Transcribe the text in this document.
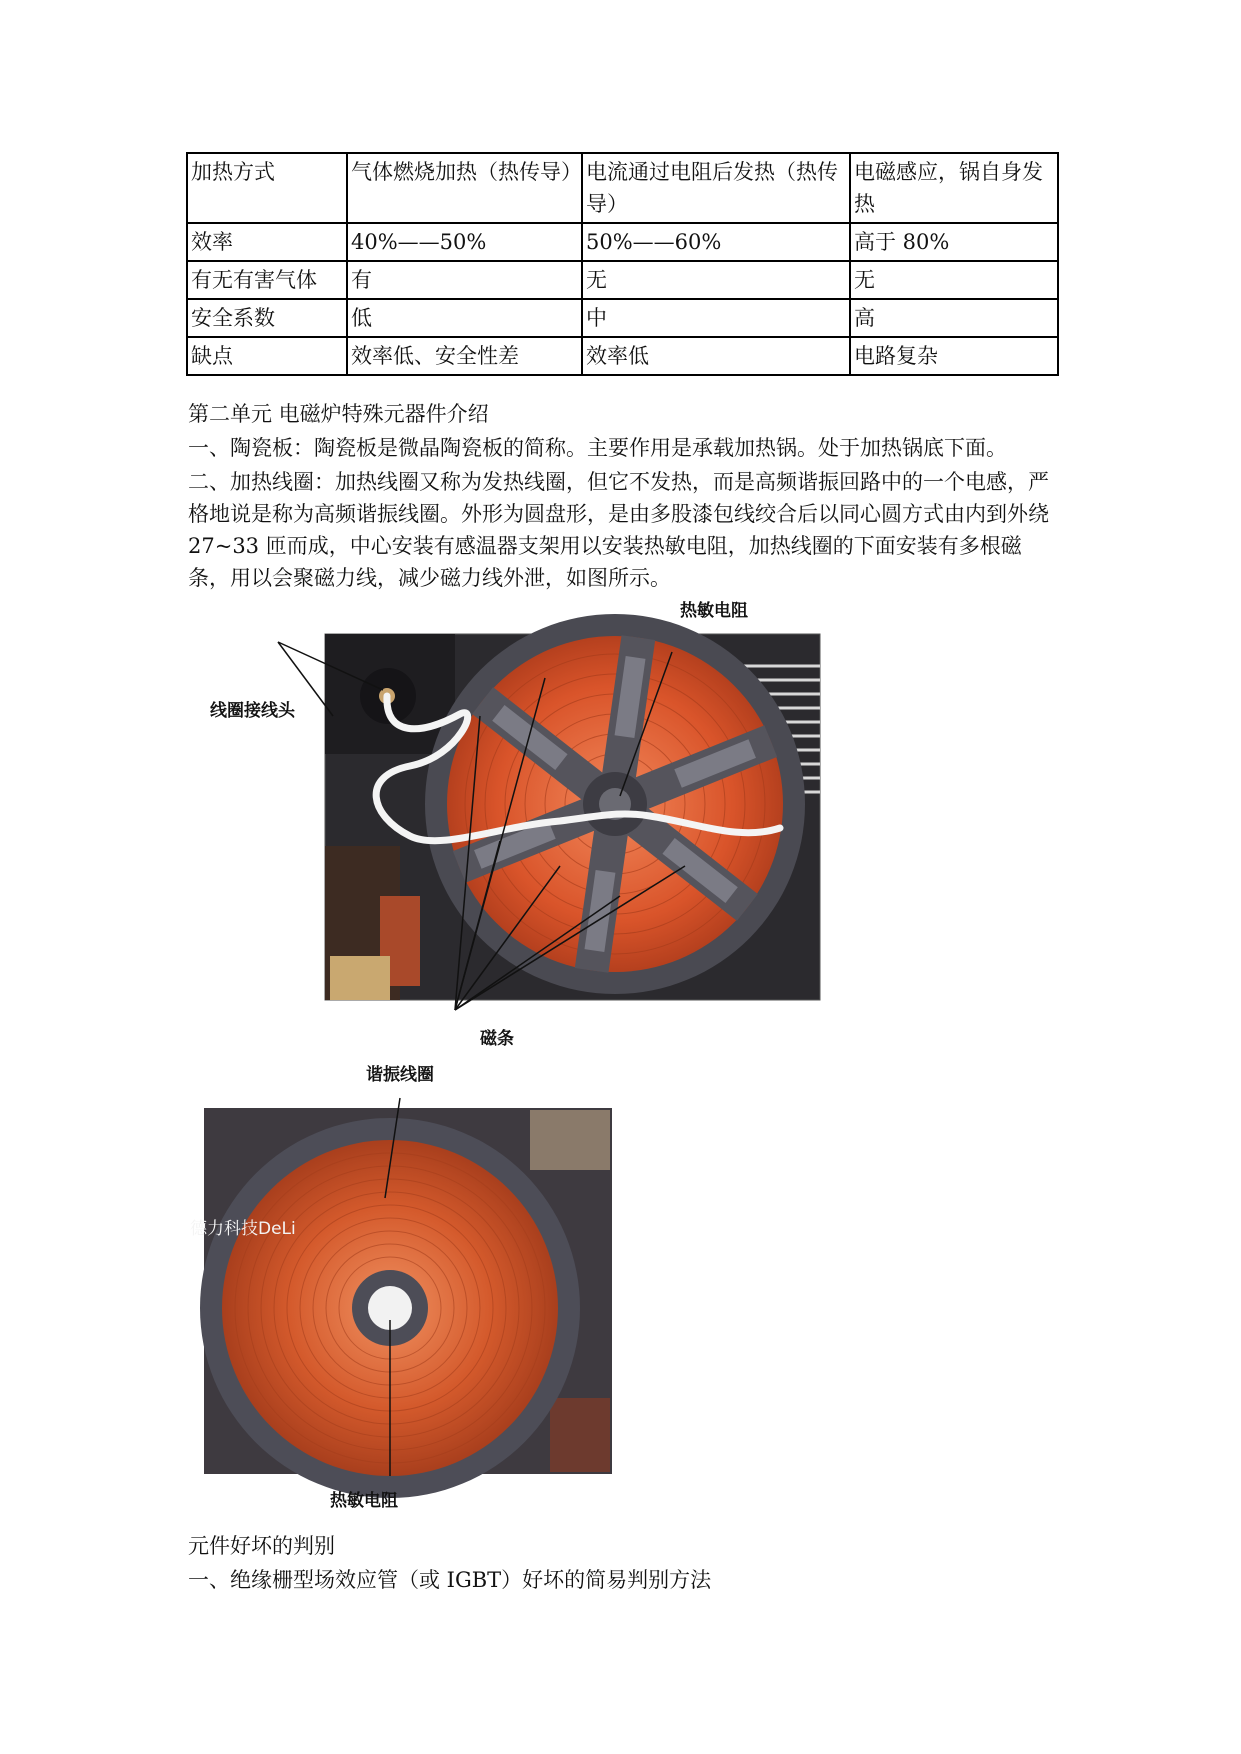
加热方式	气体燃烧加热（热传导）	电流通过电阻后发热（热传导）	电磁感应，锅自身发热
效率	40%——50%	50%——60%	高于 80%
有无有害气体	有	无	无
安全系数	低	中	高
缺点	效率低、安全性差	效率低	电路复杂

第二单元 电磁炉特殊元器件介绍

一、陶瓷板：陶瓷板是微晶陶瓷板的简称。主要作用是承载加热锅。处于加热锅底下面。

二、加热线圈：加热线圈又称为发热线圈，但它不发热，而是高频谐振回路中的一个电感，严格地说是称为高频谐振线圈。外形为圆盘形，是由多股漆包线绞合后以同心圆方式由内到外绕 27~33 匝而成，中心安装有感温器支架用以安装热敏电阻，加热线圈的下面安装有多根磁条，用以会聚磁力线，减少磁力线外泄，如图所示。

热敏电阻
线圈接线头
磁条
谐振线圈
德力科技DeLi
热敏电阻

元件好坏的判别

一、绝缘栅型场效应管（或 IGBT）好坏的简易判别方法
